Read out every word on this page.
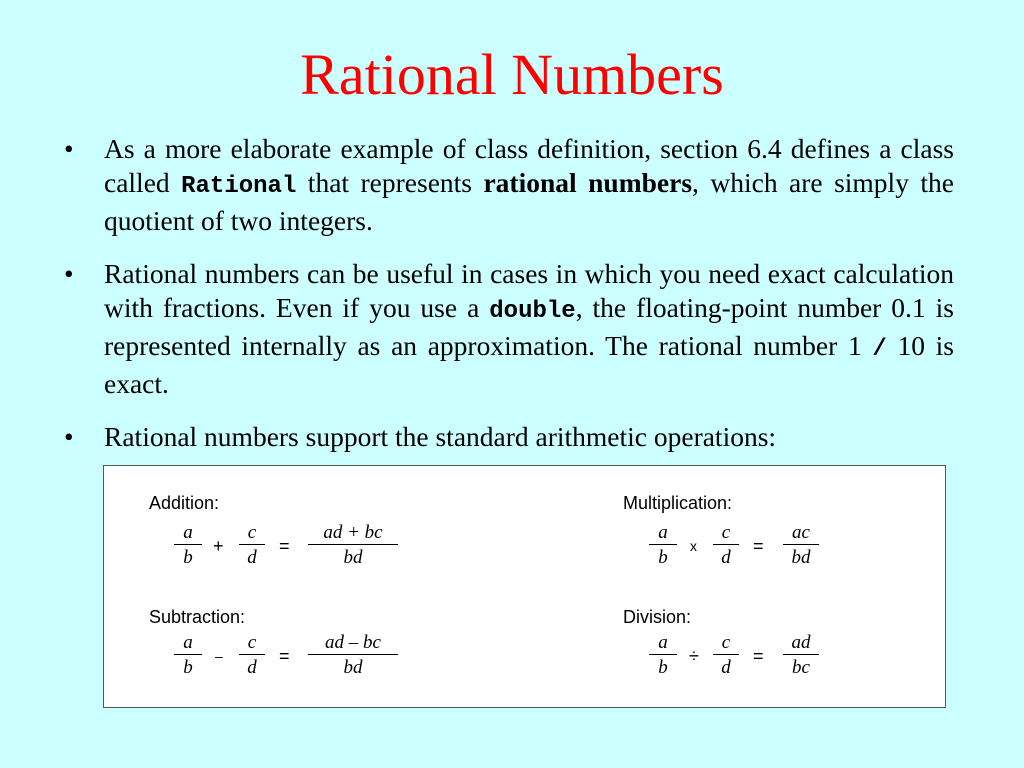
Rational Numbers
• As a more elaborate example of class definition, section 6.4 defines a class called Rational that represents rational numbers, which are simply the quotient of two integers.
• Rational numbers can be useful in cases in which you need exact calculation with fractions. Even if you use a double, the floating-point number 0.1 is represented internally as an approximation. The rational number 1 / 10 is exact.
• Rational numbers support the standard arithmetic operations:
Addition:
a
b
+
c
d
=
ad + bc
bd
Multiplication:
a
b
x
c
d
=
ac
bd
Subtraction:
a
b
–
c
d
=
ad – bc
bd
Division:
a
b
÷
c
d
=
ad
bc
